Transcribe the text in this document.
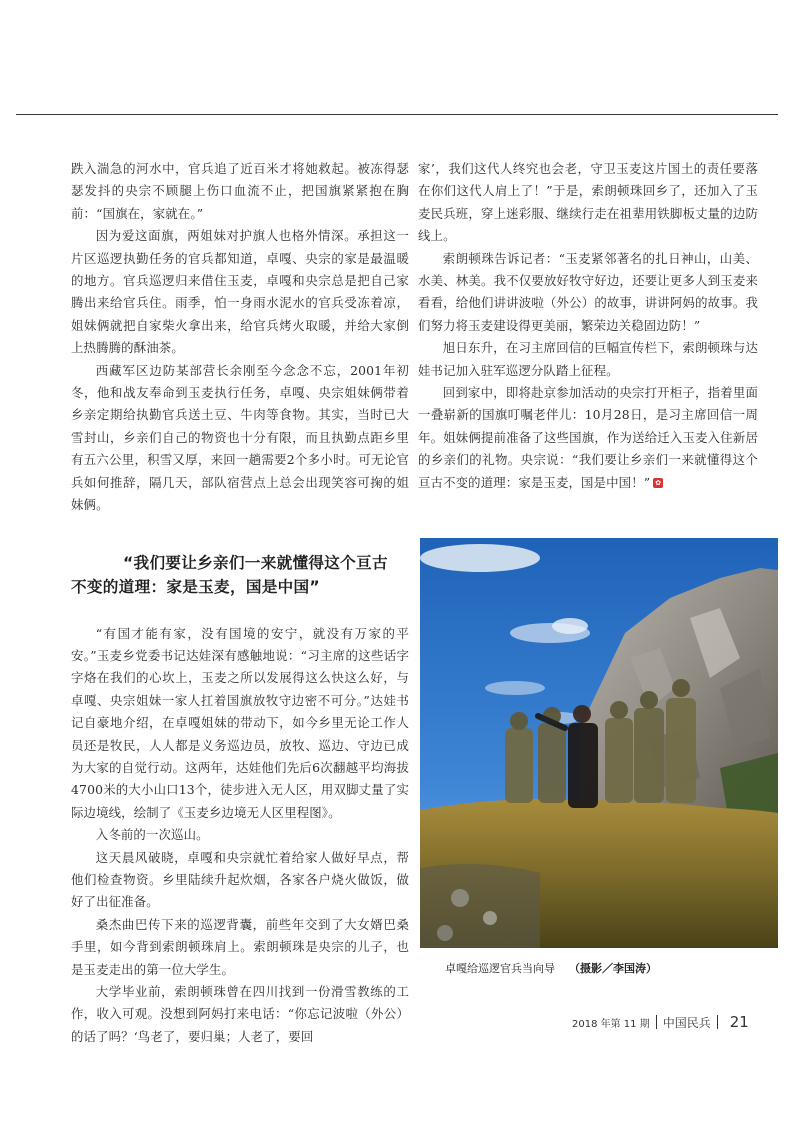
跌入湍急的河水中，官兵追了近百米才将她救起。被冻得瑟瑟发抖的央宗不顾腿上伤口血流不止，把国旗紧紧抱在胸前：“国旗在，家就在。”

因为爱这面旗，两姐妹对护旗人也格外情深。承担这一片区巡逻执勤任务的官兵都知道，卓嘎、央宗的家是最温暖的地方。官兵巡逻归来借住玉麦，卓嘎和央宗总是把自己家腾出来给官兵住。雨季，怕一身雨水泥水的官兵受冻着凉，姐妹俩就把自家柴火拿出来，给官兵烤火取暖，并给大家倒上热腾腾的酥油茶。

西藏军区边防某部营长余刚至今念念不忘，2001年初冬，他和战友奉命到玉麦执行任务，卓嘎、央宗姐妹俩带着乡亲定期给执勤官兵送土豆、牛肉等食物。其实，当时已大雪封山，乡亲们自己的物资也十分有限，而且执勤点距乡里有五六公里，积雪又厚，来回一趟需要2个多小时。可无论官兵如何推辞，隔几天，部队宿营点上总会出现笑容可掬的姐妹俩。

“我们要让乡亲们一来就懂得这个亘古
不变的道理：家是玉麦，国是中国”

“有国才能有家，没有国境的安宁，就没有万家的平安。”玉麦乡党委书记达娃深有感触地说：“习主席的这些话字字烙在我们的心坎上，玉麦之所以发展得这么快这么好，与卓嘎、央宗姐妹一家人扛着国旗放牧守边密不可分。”达娃书记自豪地介绍，在卓嘎姐妹的带动下，如今乡里无论工作人员还是牧民，人人都是义务巡边员，放牧、巡边、守边已成为大家的自觉行动。这两年，达娃他们先后6次翻越平均海拔4700米的大小山口13个，徒步进入无人区，用双脚丈量了实际边境线，绘制了《玉麦乡边境无人区里程图》。

入冬前的一次巡山。

这天晨风破晓，卓嘎和央宗就忙着给家人做好早点，帮他们检查物资。乡里陆续升起炊烟，各家各户烧火做饭，做好了出征准备。

桑杰曲巴传下来的巡逻背囊，前些年交到了大女婿巴桑手里，如今背到索朗顿珠肩上。索朗顿珠是央宗的儿子，也是玉麦走出的第一位大学生。

大学毕业前，索朗顿珠曾在四川找到一份滑雪教练的工作，收入可观。没想到阿妈打来电话：“你忘记波啦（外公）的话了吗？‘鸟老了，要归巢；人老了，要回

家’，我们这代人终究也会老，守卫玉麦这片国土的责任要落在你们这代人肩上了！”于是，索朗顿珠回乡了，还加入了玉麦民兵班，穿上迷彩服、继续行走在祖辈用铁脚板丈量的边防线上。

索朗顿珠告诉记者：“玉麦紧邻著名的扎日神山，山美、水美、林美。我不仅要放好牧守好边，还要让更多人到玉麦来看看，给他们讲讲波啦（外公）的故事，讲讲阿妈的故事。我们努力将玉麦建设得更美丽，繁荣边关稳固边防！”

旭日东升，在习主席回信的巨幅宣传栏下，索朗顿珠与达娃书记加入驻军巡逻分队踏上征程。

回到家中，即将赴京参加活动的央宗打开柜子，指着里面一叠崭新的国旗叮嘱老伴儿：10月28日，是习主席回信一周年。姐妹俩提前准备了这些国旗，作为送给迁入玉麦入住新居的乡亲们的礼物。央宗说：“我们要让乡亲们一来就懂得这个亘古不变的道理：家是玉麦，国是中国！” ✿

卓嘎给巡逻官兵当向导 （摄影／李国涛）
2018 年第 11 期 中国民兵 21
